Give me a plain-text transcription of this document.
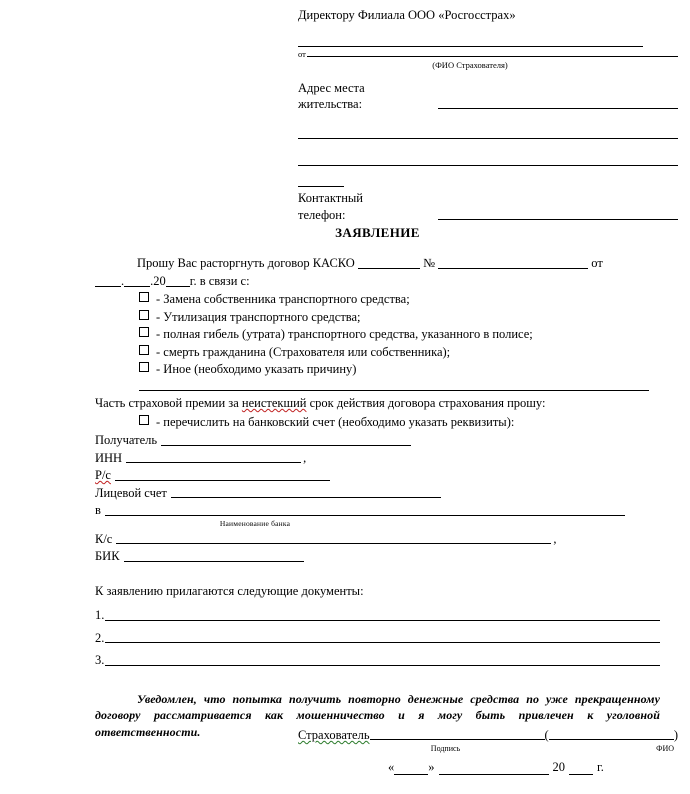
Директору Филиала ООО «Росгосстрах»
от
(ФИО Страхователя)
Адрес места
жительства:
Контактный
телефон:
ЗАЯВЛЕНИЕ
Прошу Вас расторгнуть договор КАСКО	№	от
. .20 г. в связи с:
- Замена собственника транспортного средства;
- Утилизация транспортного средства;
- полная гибель (утрата) транспортного средства, указанного в полисе;
- смерть гражданина (Страхователя или собственника);
- Иное (необходимо указать причину)
Часть страховой премии за неистекший срок действия договора страхования прошу:
- перечислить на банковский счет (необходимо указать реквизиты):
Получатель
ИНН	,
Р/с
Лицевой счет
в
Наименование банка
К/с	,
БИК
К заявлению прилагаются следующие документы:
1.
2.
3.
Уведомлен, что попытка получить повторно денежные средства по уже прекращенному договору рассматривается как мошенничество и я могу быть привлечен к уголовной ответственности.	Страхователь	(	)
Подпись	ФИО
«	»	20	г.
